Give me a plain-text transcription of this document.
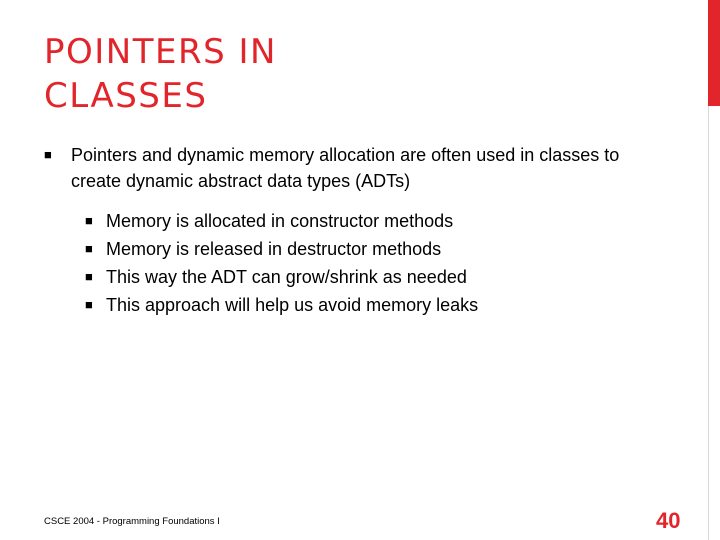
POINTERS IN
CLASSES
■ Pointers and dynamic memory allocation are often used in classes to create dynamic abstract data types (ADTs)
■ Memory is allocated in constructor methods
■ Memory is released in destructor methods
■ This way the ADT can grow/shrink as needed
■ This approach will help us avoid memory leaks
CSCE 2004 - Programming Foundations I	40
